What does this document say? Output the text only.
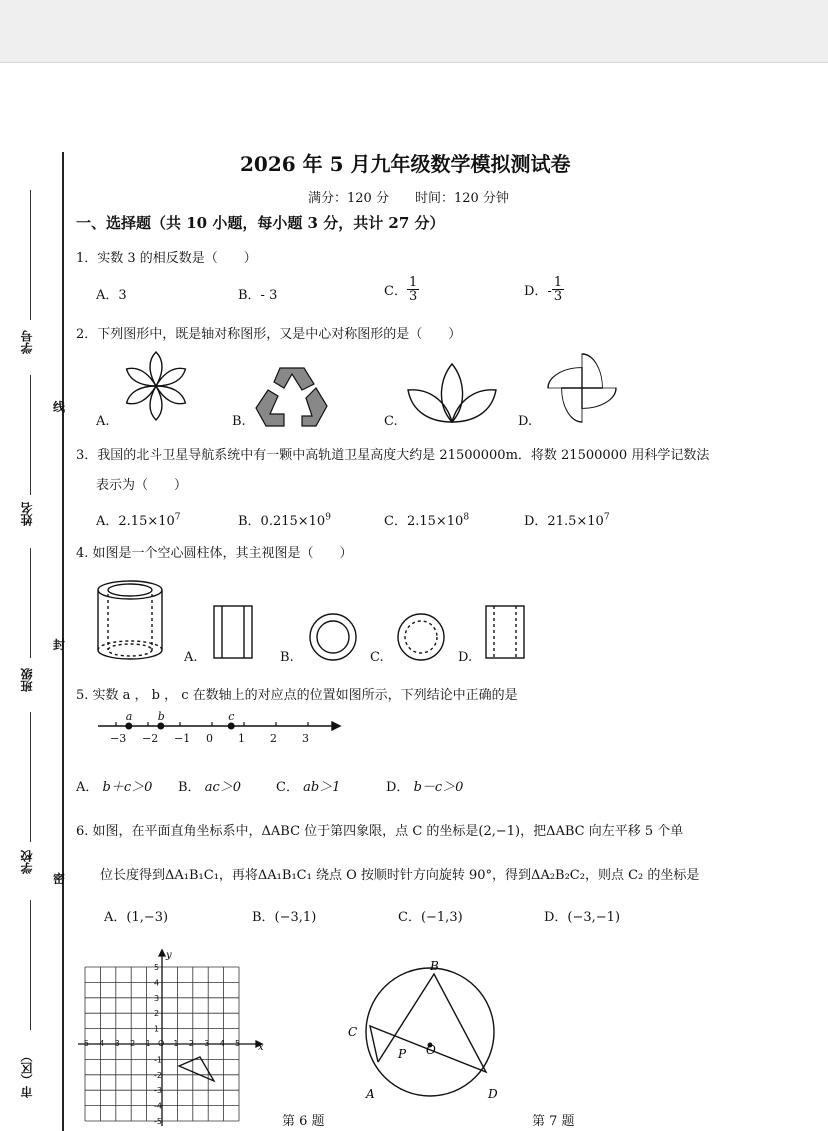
学号
姓名
班级
学校
市（区）
线
封
密
2026 年 5 月九年级数学模拟测试卷
满分：120 分　　时间：120 分钟
一、选择题（共 10 小题，每小题 3 分，共计 27 分）
1．实数 3 的相反数是（　　）
A．3	B．- 3	C． $\frac{1}{3}$	D．- $\frac{1}{3}$
2．下列图形中，既是轴对称图形，又是中心对称图形的是（　　）
A.	B.	C.	D.
3．我国的北斗卫星导航系统中有一颗中高轨道卫星高度大约是 21500000m．将数 21500000 用科学记数法
表示为（　　）
A．$2.15\times 10^7$	B．$0.215\times 10^9$	C．$2.15\times 10^8$	D．$21.5\times 10^7$
4. 如图是一个空心圆柱体，其主视图是（　　）
A.	B.	C.	D.
5. 实数 a ， b ， c 在数轴上的对应点的位置如图所示，下列结论中正确的是
−3 −2 −1 0 1 2 3
a b	c
A． b＋c＞0 B． ac＞0	C． ab＞1	D． b－c＞0
6. 如图，在平面直角坐标系中，ΔABC 位于第四象限，点 C 的坐标是(2,−1)，把ΔABC 向左平移 5 个单
位长度得到ΔA₁B₁C₁，再将ΔA₁B₁C₁ 绕点 O 按顺时针方向旋转 90°，得到ΔA₂B₂C₂，则点 C₂ 的坐标是
A．(1,−3)	B．(−3,1)	C．(−1,3)	D．(−3,−1)
x
y
-5 -4 -3 -2 -1 O 1 2 3 4 5
5
4
3
2
1
-1
-2
-3
-4
-5	第 6 题
B
C
P O
A	D
第 7 题
